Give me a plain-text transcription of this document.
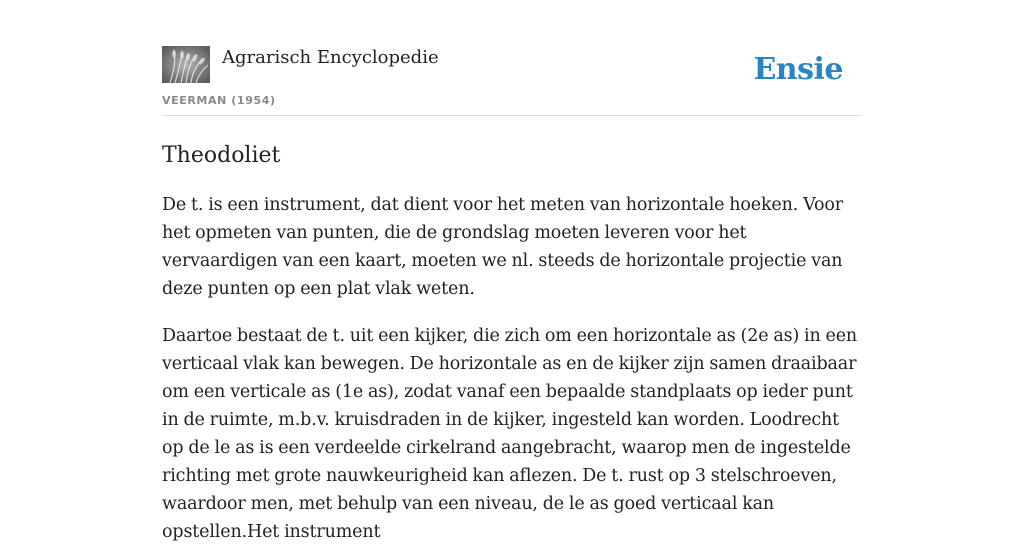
Agrarisch Encyclopedie
VEERMAN (1954)
Ensie
Theodoliet

De t. is een instrument, dat dient voor het meten van horizontale hoeken. Voor het opmeten van punten, die de grondslag moeten leveren voor het vervaardigen van een kaart, moeten we nl. steeds de horizontale projectie van deze punten op een plat vlak weten.

Daartoe bestaat de t. uit een kijker, die zich om een horizontale as (2e as) in een verticaal vlak kan bewegen. De horizontale as en de kijker zijn samen draaibaar om een verticale as (1e as), zodat vanaf een bepaalde standplaats op ieder punt in de ruimte, m.b.v. kruisdraden in de kijker, ingesteld kan worden. Loodrecht op de le as is een verdeelde cirkelrand aangebracht, waarop men de ingestelde richting met grote nauwkeurigheid kan aflezen. De t. rust op 3 stelschroeven, waardoor men, met behulp van een niveau, de le as goed verticaal kan opstellen.Het instrument
